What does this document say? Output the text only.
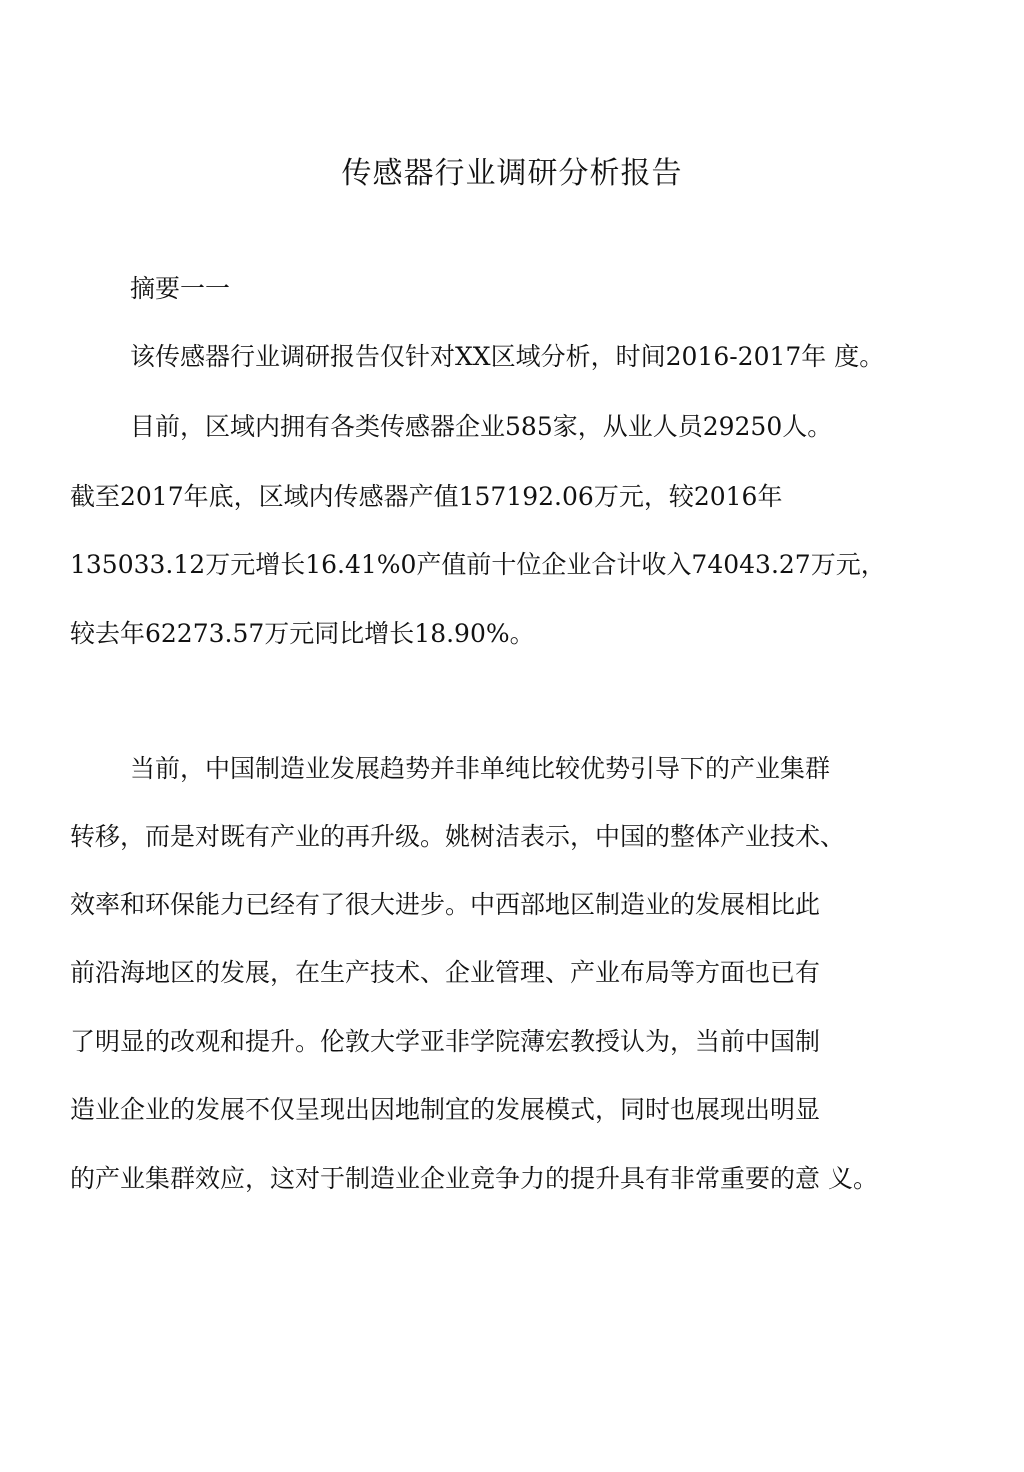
传感器行业调研分析报告
摘要一一
该传感器行业调研报告仅针对XX区域分析，时间2016-2017年 度。
目前，区域内拥有各类传感器企业585家，从业人员29250人。
截至2017年底，区域内传感器产值157192.06万元，较2016年
135033.12万元增长16.41%0产值前十位企业合计收入74043.27万元，
较去年62273.57万元同比增长18.90%。
当前，中国制造业发展趋势并非单纯比较优势引导下的产业集群
转移，而是对既有产业的再升级。姚树洁表示，中国的整体产业技术、
效率和环保能力已经有了很大进步。中西部地区制造业的发展相比此
前沿海地区的发展，在生产技术、企业管理、产业布局等方面也已有
了明显的改观和提升。伦敦大学亚非学院薄宏教授认为，当前中国制
造业企业的发展不仅呈现出因地制宜的发展模式，同时也展现出明显
的产业集群效应，这对于制造业企业竞争力的提升具有非常重要的意 义。
